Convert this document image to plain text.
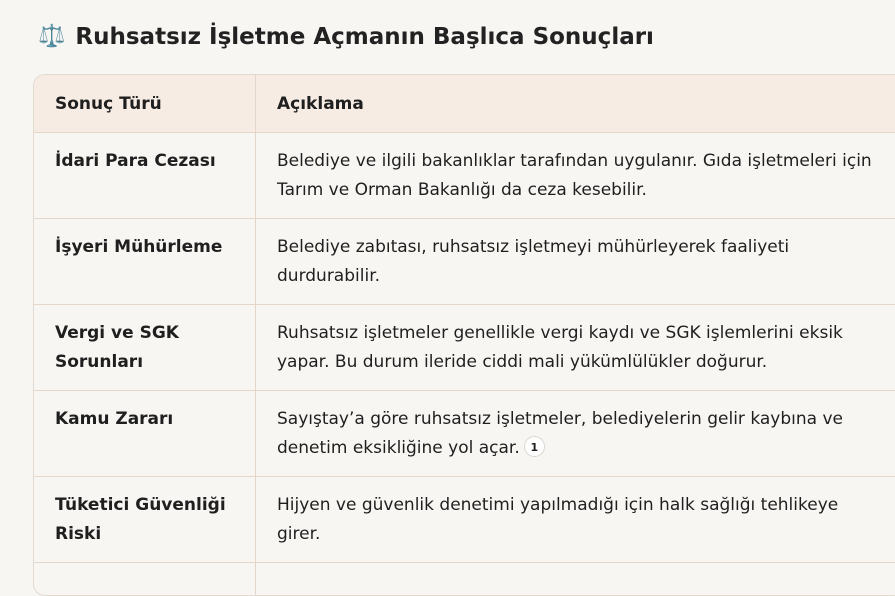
⚖️ Ruhsatsız İşletme Açmanın Başlıca Sonuçları
Sonuç Türü	Açıklama
İdari Para Cezası	Belediye ve ilgili bakanlıklar tarafından uygulanır. Gıda işletmeleri için Tarım ve Orman Bakanlığı da ceza kesebilir.
İşyeri Mühürleme	Belediye zabıtası, ruhsatsız işletmeyi mühürleyerek faaliyeti durdurabilir.
Vergi ve SGK Sorunları	Ruhsatsız işletmeler genellikle vergi kaydı ve SGK işlemlerini eksik yapar. Bu durum ileride ciddi mali yükümlülükler doğurur.
Kamu Zararı	Sayıştay’a göre ruhsatsız işletmeler, belediyelerin gelir kaybına ve denetim eksikliğine yol açar. 1
Tüketici Güvenliği Riski	Hijyen ve güvenlik denetimi yapılmadığı için halk sağlığı tehlikeye girer.
